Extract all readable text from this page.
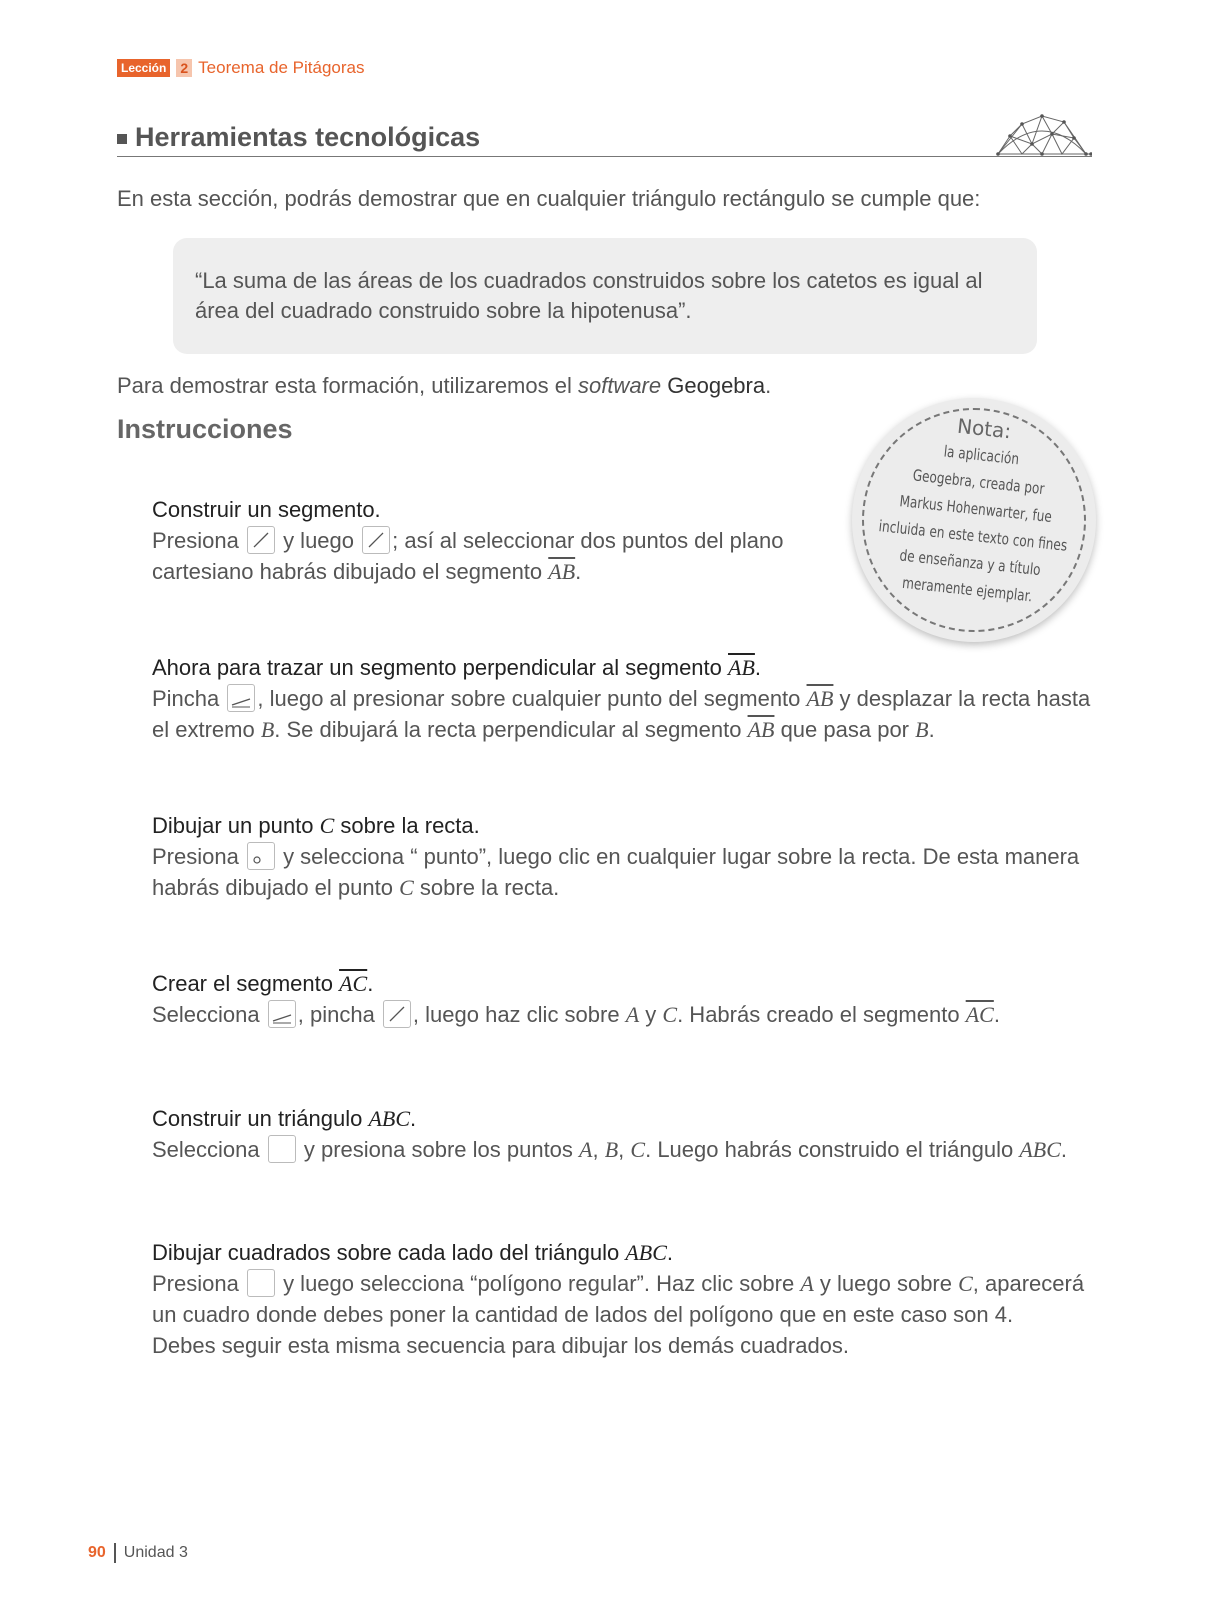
Lección 2 Teorema de Pitágoras
Herramientas tecnológicas
En esta sección, podrás demostrar que en cualquier triángulo rectángulo se cumple que:
“La suma de las áreas de los cuadrados construidos sobre los catetos es igual al área del cuadrado construido sobre la hipotenusa”.
Para demostrar esta formación, utilizaremos el software Geogebra.
Instrucciones	Nota:
la aplicación
Geogebra, creada por
Markus Hohenwarter, fue
incluida en este texto con fines
de enseñanza y a título
meramente ejemplar.
Construir un segmento.
Presiona
y luego
; así al seleccionar dos puntos del plano
cartesiano habrás dibujado el segmento $\overline{AB}$.
Ahora para trazar un segmento perpendicular al segmento $\overline{AB}$.
Pincha
, luego al presionar sobre cualquier punto del segmento $\overline{AB}$ y desplazar la recta hasta
el extremo B. Se dibujará la recta perpendicular al segmento $\overline{AB}$ que pasa por B.
Dibujar un punto C sobre la recta.
Presiona
y selecciona “ punto”, luego clic en cualquier lugar sobre la recta. De esta manera
habrás dibujado el punto C sobre la recta.
Crear el segmento $\overline{AC}$.
Selecciona
, pincha
, luego haz clic sobre A y C. Habrás creado el segmento $\overline{AC}$.
Construir un triángulo ABC.
Selecciona  y presiona sobre los puntos A, B, C. Luego habrás construido el triángulo ABC.
Dibujar cuadrados sobre cada lado del triángulo ABC.
Presiona  y luego selecciona “polígono regular”. Haz clic sobre A y luego sobre C, aparecerá
un cuadro donde debes poner la cantidad de lados del polígono que en este caso son 4.
Debes seguir esta misma secuencia para dibujar los demás cuadrados.
90 Unidad 3
